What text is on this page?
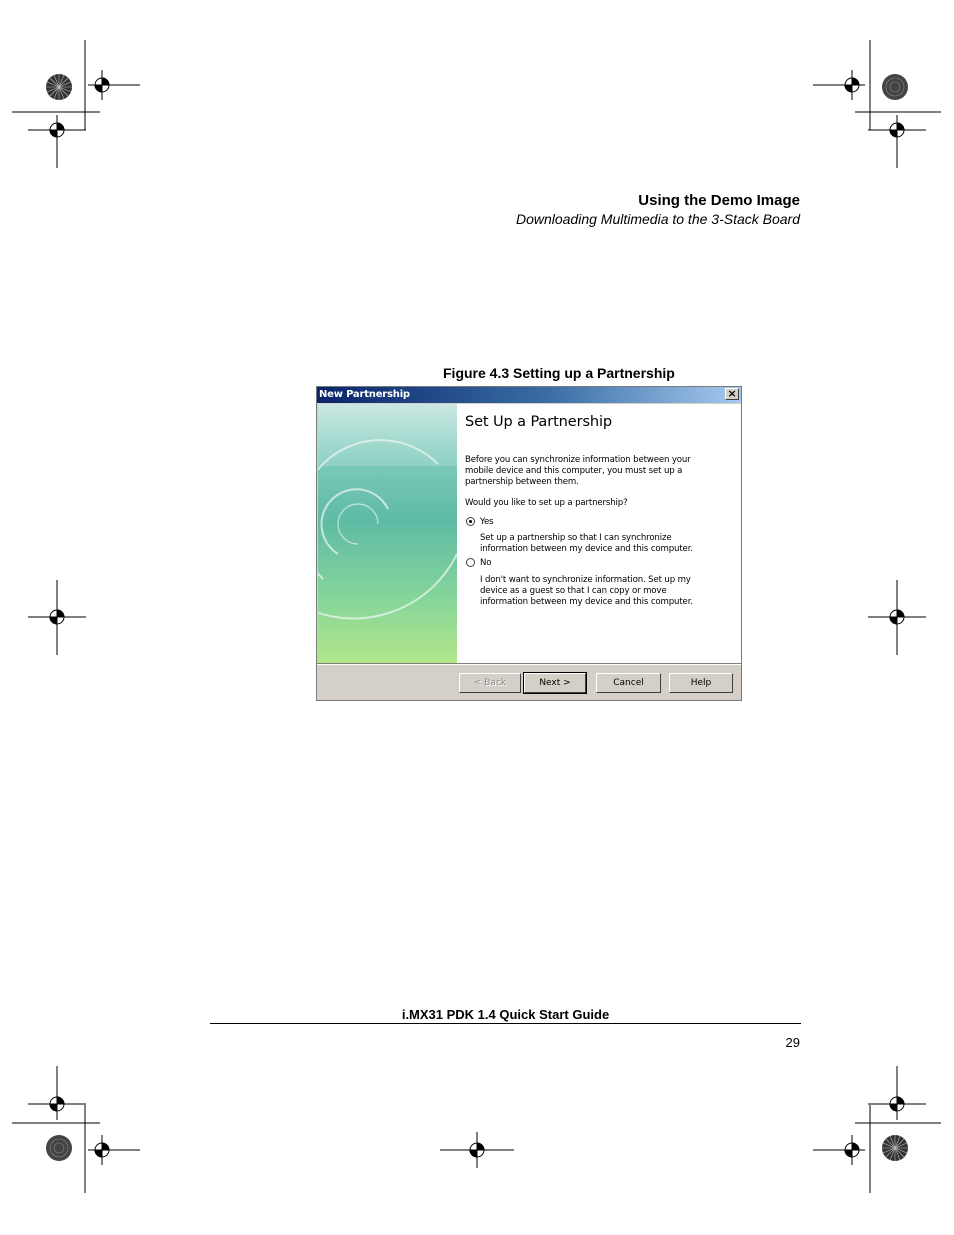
Using the Demo Image
Downloading Multimedia to the 3-Stack Board
Figure 4.3 Setting up a Partnership
New Partnership	×
Set Up a Partnership
Before you can synchronize information between your mobile device and this computer, you must set up a partnership between them.
Would you like to set up a partnership?
Yes
Set up a partnership so that I can synchronize information between my device and this computer.
No
I don't want to synchronize information. Set up my device as a guest so that I can copy or move information between my device and this computer.
< Back	Next >	Cancel	Help
i.MX31 PDK 1.4 Quick Start Guide
29
